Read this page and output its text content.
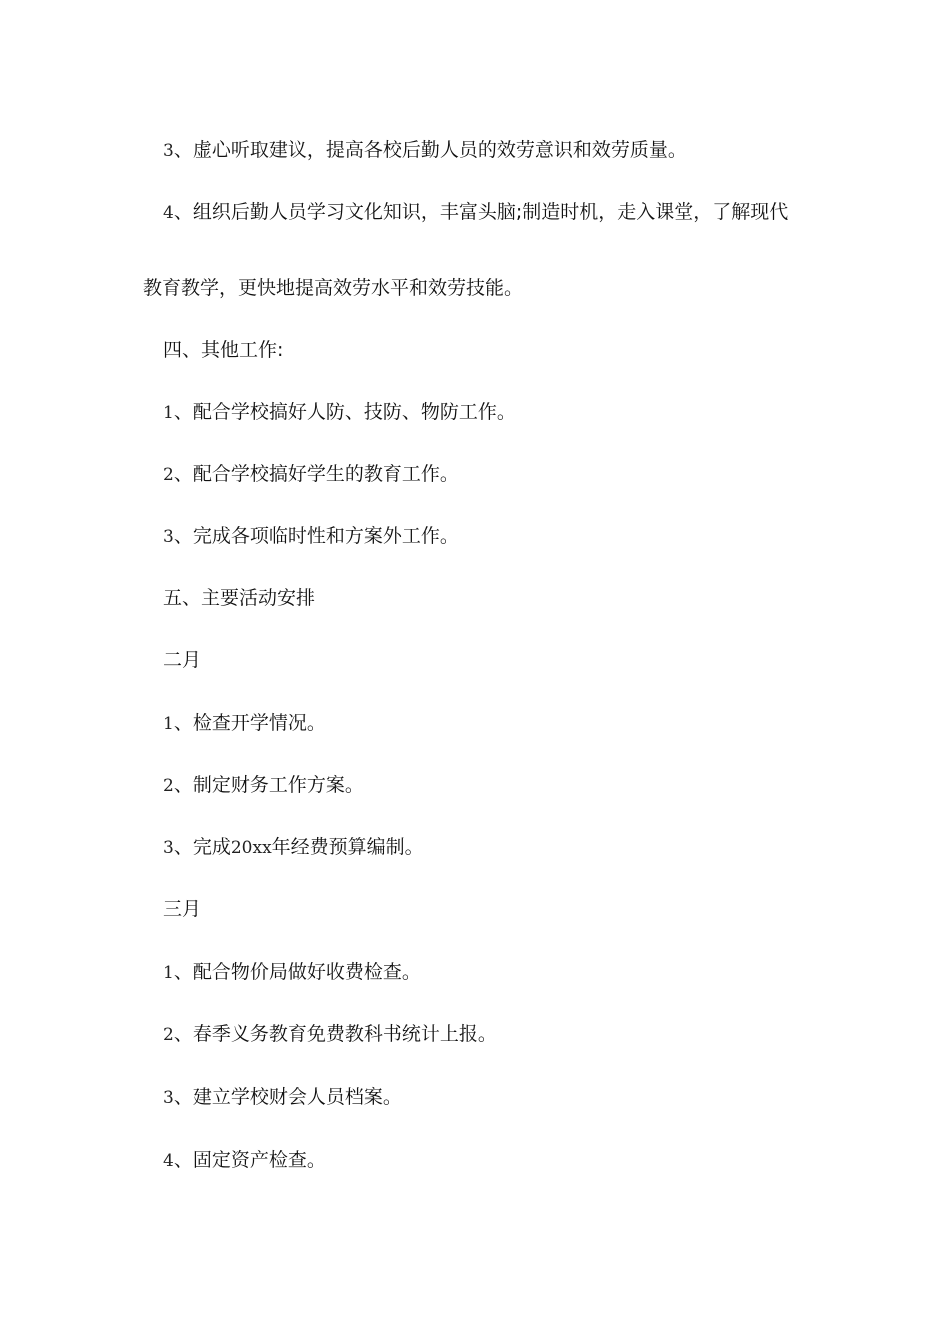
3、虚心听取建议，提高各校后勤人员的效劳意识和效劳质量。
4、组织后勤人员学习文化知识，丰富头脑;制造时机，走入课堂，了解现代
教育教学，更快地提高效劳水平和效劳技能。
四、其他工作:
1、配合学校搞好人防、技防、物防工作。
2、配合学校搞好学生的教育工作。
3、完成各项临时性和方案外工作。
五、主要活动安排
二月
1、检查开学情况。
2、制定财务工作方案。
3、完成20xx年经费预算编制。
三月
1、配合物价局做好收费检查。
2、春季义务教育免费教科书统计上报。
3、建立学校财会人员档案。
4、固定资产检查。
